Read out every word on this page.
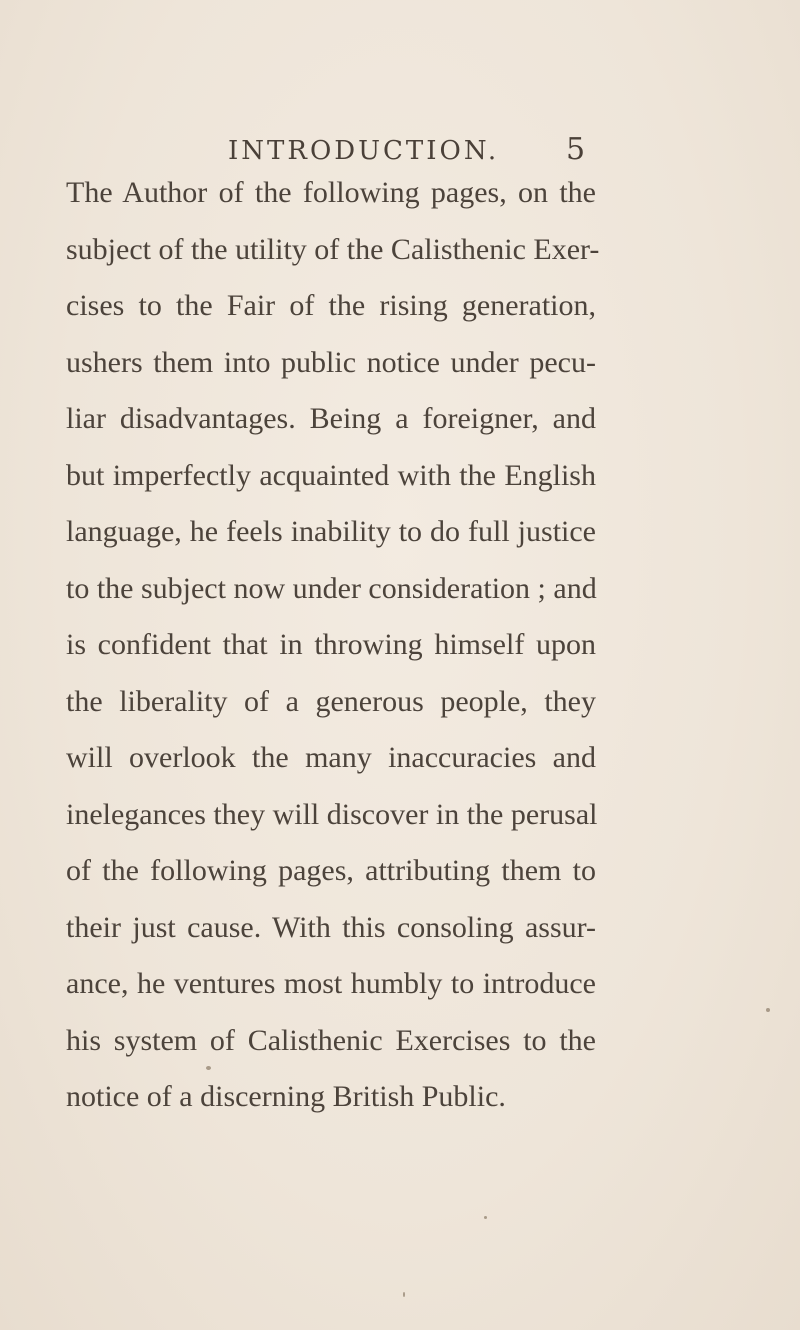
INTRODUCTION. 5
The Author of the following pages, on the
subject of the utility of the Calisthenic Exer-
cises to the Fair of the rising generation,
ushers them into public notice under pecu-
liar disadvantages. Being a foreigner, and
but imperfectly acquainted with the English
language, he feels inability to do full justice
to the subject now under consideration ; and
is confident that in throwing himself upon
the liberality of a generous people, they
will overlook the many inaccuracies and
inelegances they will discover in the perusal
of the following pages, attributing them to
their just cause. With this consoling assur-
ance, he ventures most humbly to introduce
his system of Calisthenic Exercises to the
notice of a discerning British Public.
